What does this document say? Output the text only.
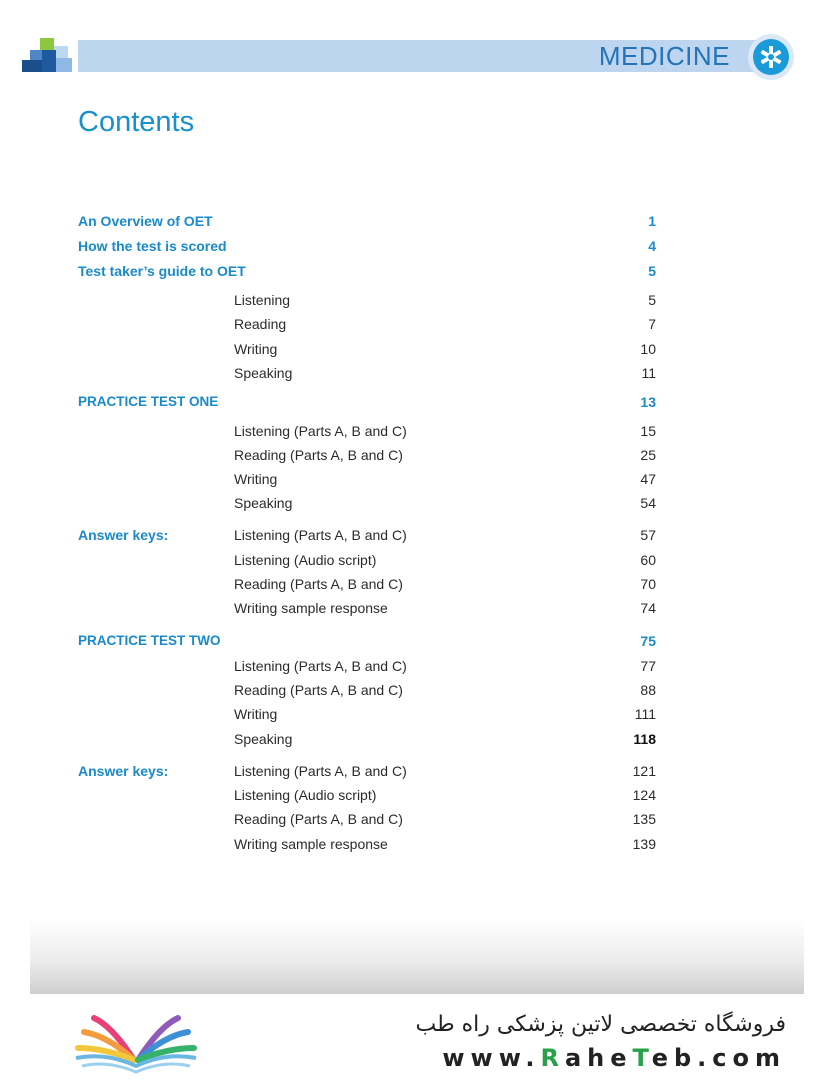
MEDICINE
Contents
An Overview of OET	1
How the test is scored	4
Test taker’s guide to OET	5
Listening	5
Reading	7
Writing	10
Speaking	11
PRACTICE TEST ONE	13
Listening (Parts A, B and C)	15
Reading (Parts A, B and C)	25
Writing	47
Speaking	54
Answer keys:	Listening (Parts A, B and C)	57
Listening (Audio script)	60
Reading (Parts A, B and C)	70
Writing sample response	74
PRACTICE TEST TWO	75
Listening (Parts A, B and C)	77
Reading (Parts A, B and C)	88
Writing	111
Speaking	118
Answer keys:	Listening (Parts A, B and C)	121
Listening (Audio script)	124
Reading (Parts A, B and C)	135
Writing sample response	139
فروشگاه تخصصی لاتین پزشکی راه طب
www.RaheTeb.com
